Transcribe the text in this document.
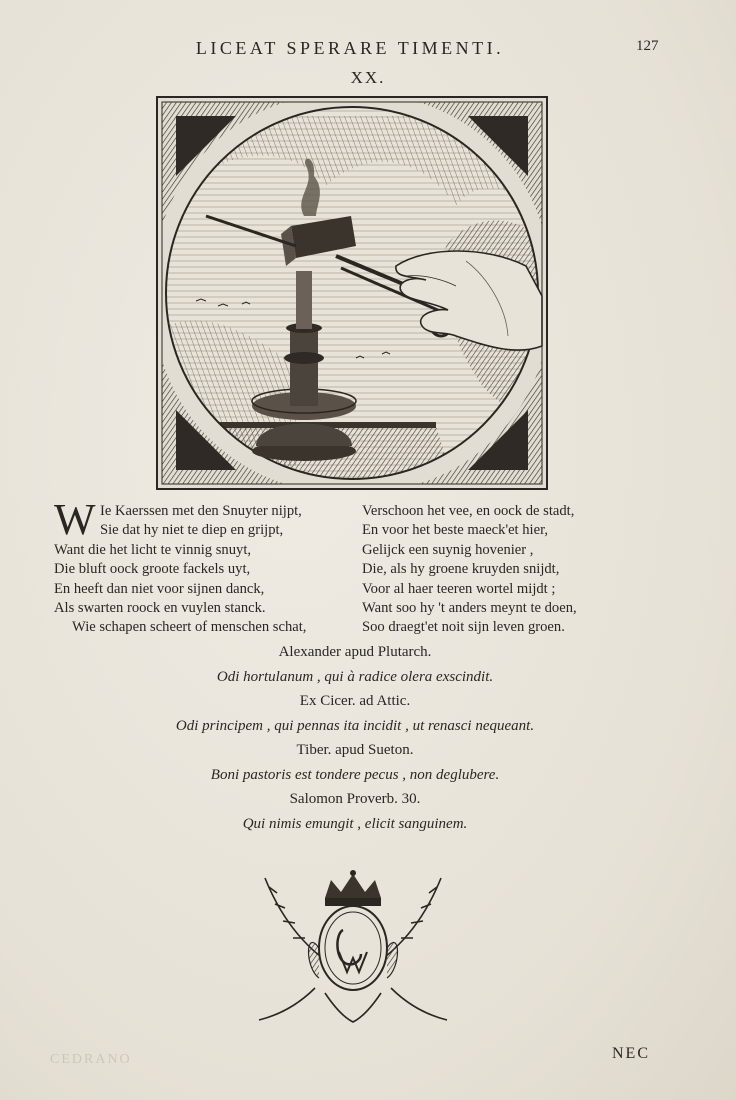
LICEAT SPERARE TIMENTI.	127
XX.
W Ie Kaerssen met den Snuyter nijpt,
Sie dat hy niet te diep en grijpt,
Want die het licht te vinnig snuyt,
Die bluft oock groote fackels uyt,
En heeft dan niet voor sijnen danck,
Als swarten roock en vuylen stanck.
Wie schapen scheert of menschen schat,
Verschoon het vee, en oock de stadt,
En voor het beste maeck'et hier,
Gelijck een suynig hovenier ,
Die, als hy groene kruyden snijdt,
Voor al haer teeren wortel mijdt ;
Want soo hy 't anders meynt te doen,
Soo draegt'et noit sijn leven groen.
Alexander apud Plutarch.
Odi hortulanum , qui à radice olera exscindit.
Ex Cicer. ad Attic.
Odi principem , qui pennas ita incidit , ut renasci nequeant.
Tiber. apud Sueton.
Boni pastoris est tondere pecus , non deglubere.
Salomon Proverb. 30.
Qui nimis emungit , elicit sanguinem.
CEDRANO	NEC
